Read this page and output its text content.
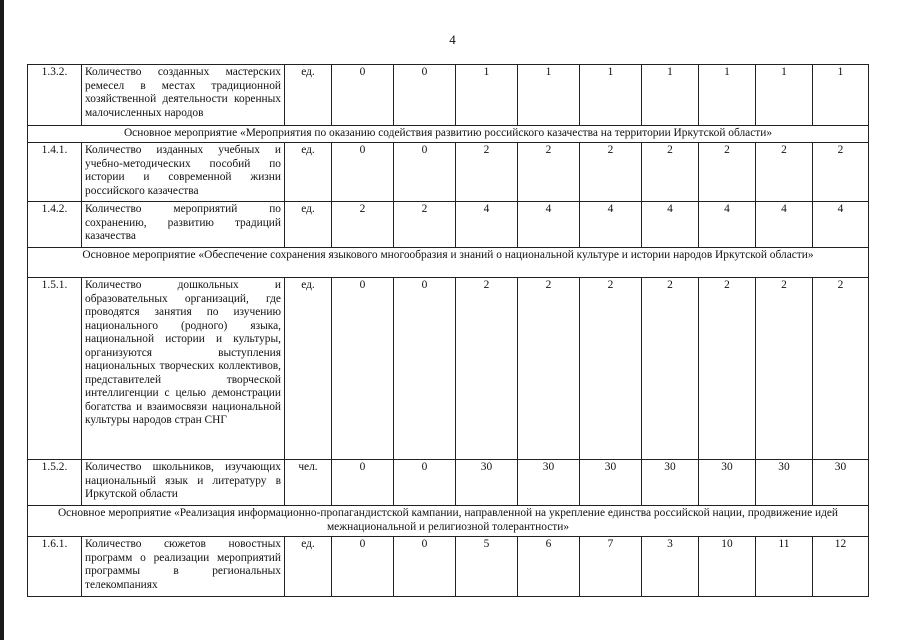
4
1.3.2.	Количество созданных мастерских ремесел в местах традиционной хозяйственной деятельности коренных малочисленных народов	ед.	0	0	1	1	1	1	1	1	1
Основное мероприятие «Мероприятия по оказанию содействия развитию российского казачества на территории Иркутской области»											
1.4.1.	Количество изданных учебных и учебно-методических пособий по истории и современной жизни российского казачества	ед.	0	0	2	2	2	2	2	2	2
1.4.2.	Количество мероприятий по сохранению, развитию традиций казачества	ед.	2	2	4	4	4	4	4	4	4
Основное мероприятие «Обеспечение сохранения языкового многообразия и знаний о национальной культуре и истории народов Иркутской области»											
1.5.1.	Количество дошкольных и образовательных организаций, где проводятся занятия по изучению национального (родного) языка, национальной истории и культуры, организуются выступления национальных творческих коллективов, представителей творческой интеллигенции с целью демонстрации богатства и взаимосвязи национальной культуры народов стран СНГ	ед.	0	0	2	2	2	2	2	2	2
1.5.2.	Количество школьников, изучающих национальный язык и литературу в Иркутской области	чел.	0	0	30	30	30	30	30	30	30
Основное мероприятие «Реализация информационно-пропагандистской кампании, направленной на укрепление единства российской нации, продвижение идей межнациональной и религиозной толерантности»											
1.6.1.	Количество сюжетов новостных программ о реализации мероприятий программы в региональных телекомпаниях	ед.	0	0	5	6	7	3	10	11	12
